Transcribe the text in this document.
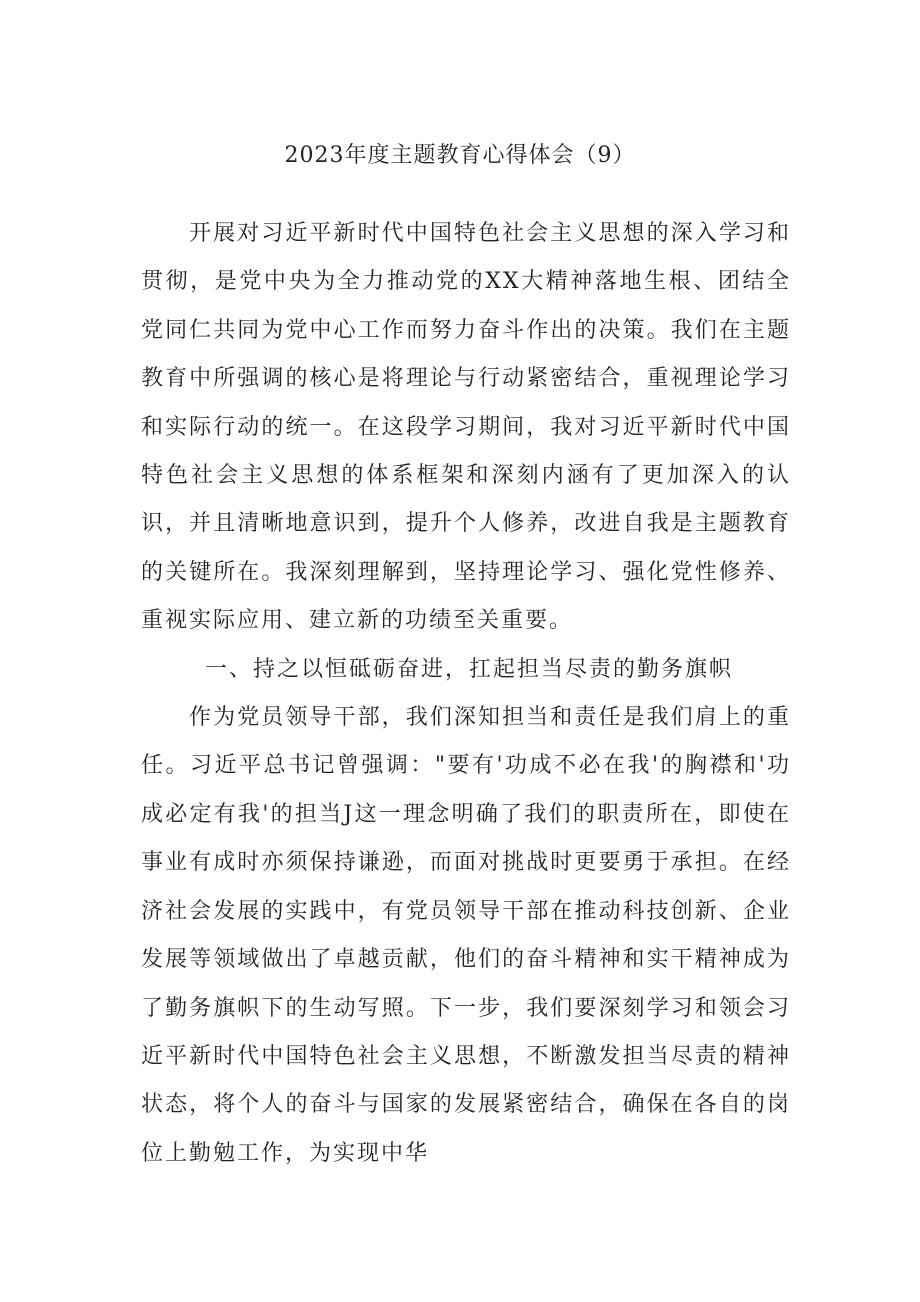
2023年度主题教育心得体会（9）

开展对习近平新时代中国特色社会主义思想的深入学习和贯彻，是党中央为全力推动党的XX大精神落地生根、团结全党同仁共同为党中心工作而努力奋斗作出的决策。我们在主题教育中所强调的核心是将理论与行动紧密结合，重视理论学习和实际行动的统一。在这段学习期间，我对习近平新时代中国特色社会主义思想的体系框架和深刻内涵有了更加深入的认识，并且清晰地意识到，提升个人修养，改进自我是主题教育的关键所在。我深刻理解到，坚持理论学习、强化党性修养、重视实际应用、建立新的功绩至关重要。

一、持之以恒砥砺奋进，扛起担当尽责的勤务旗帜

作为党员领导干部，我们深知担当和责任是我们肩上的重任。习近平总书记曾强调："要有'功成不必在我'的胸襟和'功成必定有我'的担当J这一理念明确了我们的职责所在，即使在事业有成时亦须保持谦逊，而面对挑战时更要勇于承担。在经济社会发展的实践中，有党员领导干部在推动科技创新、企业发展等领域做出了卓越贡献，他们的奋斗精神和实干精神成为了勤务旗帜下的生动写照。下一步，我们要深刻学习和领会习近平新时代中国特色社会主义思想，不断激发担当尽责的精神状态，将个人的奋斗与国家的发展紧密结合，确保在各自的岗位上勤勉工作，为实现中华
